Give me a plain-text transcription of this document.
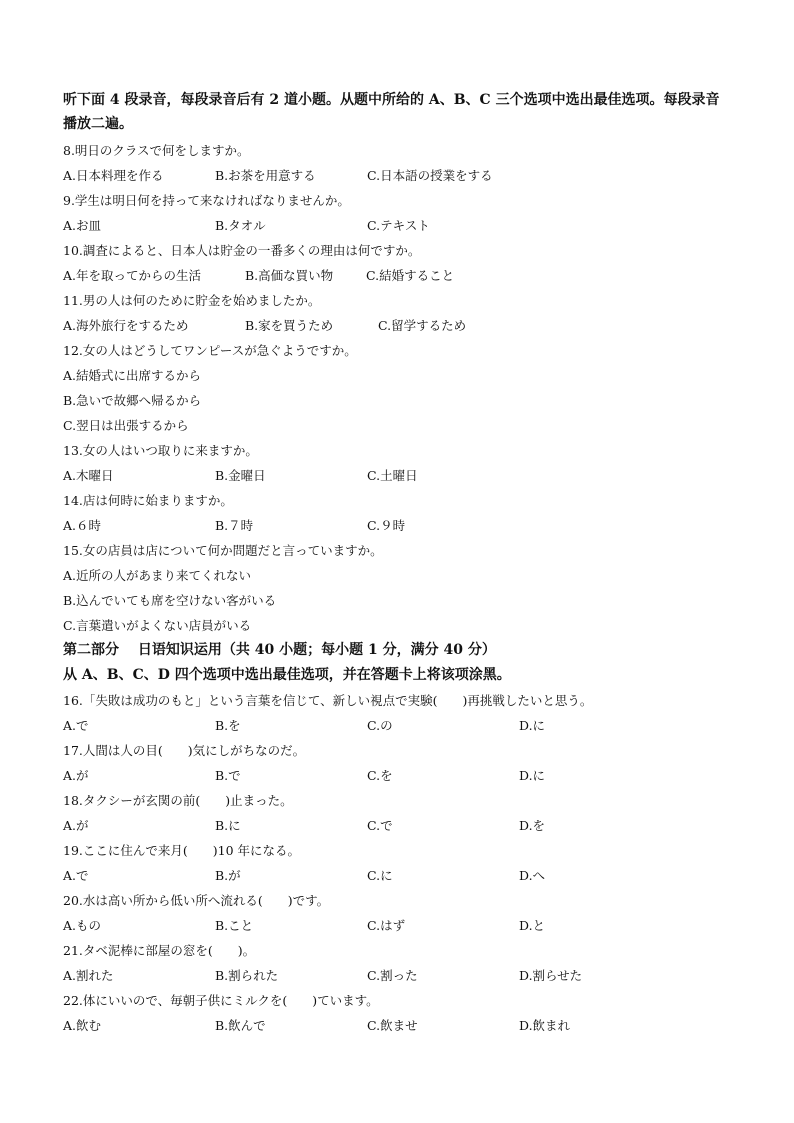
听下面 4 段录音，每段录音后有 2 道小题。从题中所给的 A、B、C 三个选项中选出最佳选项。每段录音播放二遍。

8.明日のクラスで何をしますか。
A.日本料理を作る	B.お茶を用意する	C.日本語の授業をする
9.学生は明日何を持って来なければなりませんか。
A.お皿	B.タオル	C.テキスト
10.調査によると、日本人は貯金の一番多くの理由は何ですか。
A.年を取ってからの生活	B.高価な買い物	C.結婚すること
11.男の人は何のために貯金を始めましたか。
A.海外旅行をするため	B.家を買うため	C.留学するため
12.女の人はどうしてワンピースが急ぐようですか。
A.結婚式に出席するから
B.急いで故郷へ帰るから
C.翌日は出張するから
13.女の人はいつ取りに来ますか。
A.木曜日	B.金曜日	C.土曜日
14.店は何時に始まりますか。
A.６時	B.７時	C.９時
15.女の店員は店について何か問題だと言っていますか。
A.近所の人があまり来てくれない
B.込んでいても席を空けない客がいる
C.言葉遣いがよくない店員がいる
第二部分　 日语知识运用（共 40 小题；每小题 1 分，满分 40 分）
从 A、B、C、D 四个选项中选出最佳选项，并在答题卡上将该项涂黑。
16.「失敗は成功のもと」という言葉を信じて、新しい視点で実験(　　)再挑戦したいと思う。
A.で	B.を	C.の	D.に
17.人間は人の目(　　)気にしがちなのだ。
A.が	B.で	C.を	D.に
18.タクシーが玄関の前(　　)止まった。
A.が	B.に	C.で	D.を
19.ここに住んで来月(　　)10 年になる。
A.で	B.が	C.に	D.へ
20.水は高い所から低い所へ流れる(　　)です。
A.もの	B.こと	C.はず	D.と
21.タベ泥棒に部屋の窓を(　　)。
A.割れた	B.割られた	C.割った	D.割らせた
22.体にいいので、毎朝子供にミルクを(　　)ています。
A.飲む	B.飲んで	C.飲ませ	D.飲まれ
